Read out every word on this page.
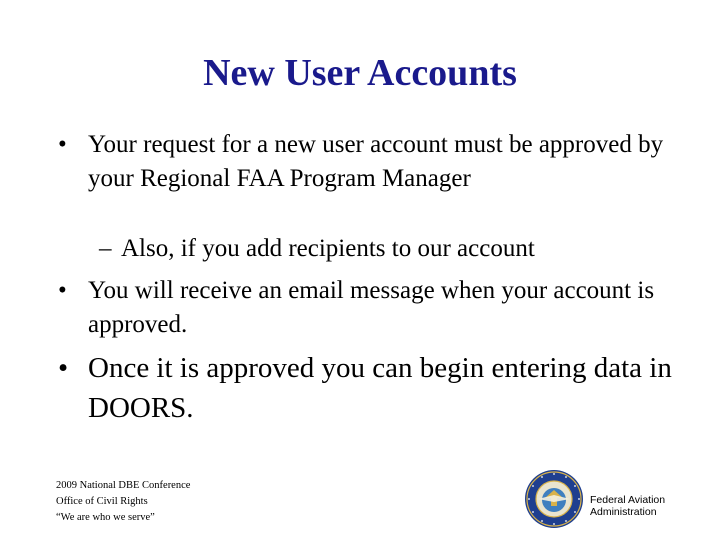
New User Accounts
• Your request for a new user account must be approved by your Regional FAA Program Manager
– Also, if you add recipients to our account
• You will receive an email message when your account is approved.
• Once it is approved you can begin entering data in DOORS.
2009 National DBE Conference
Office of Civil Rights
“We are who we serve”
Federal Aviation
Administration
